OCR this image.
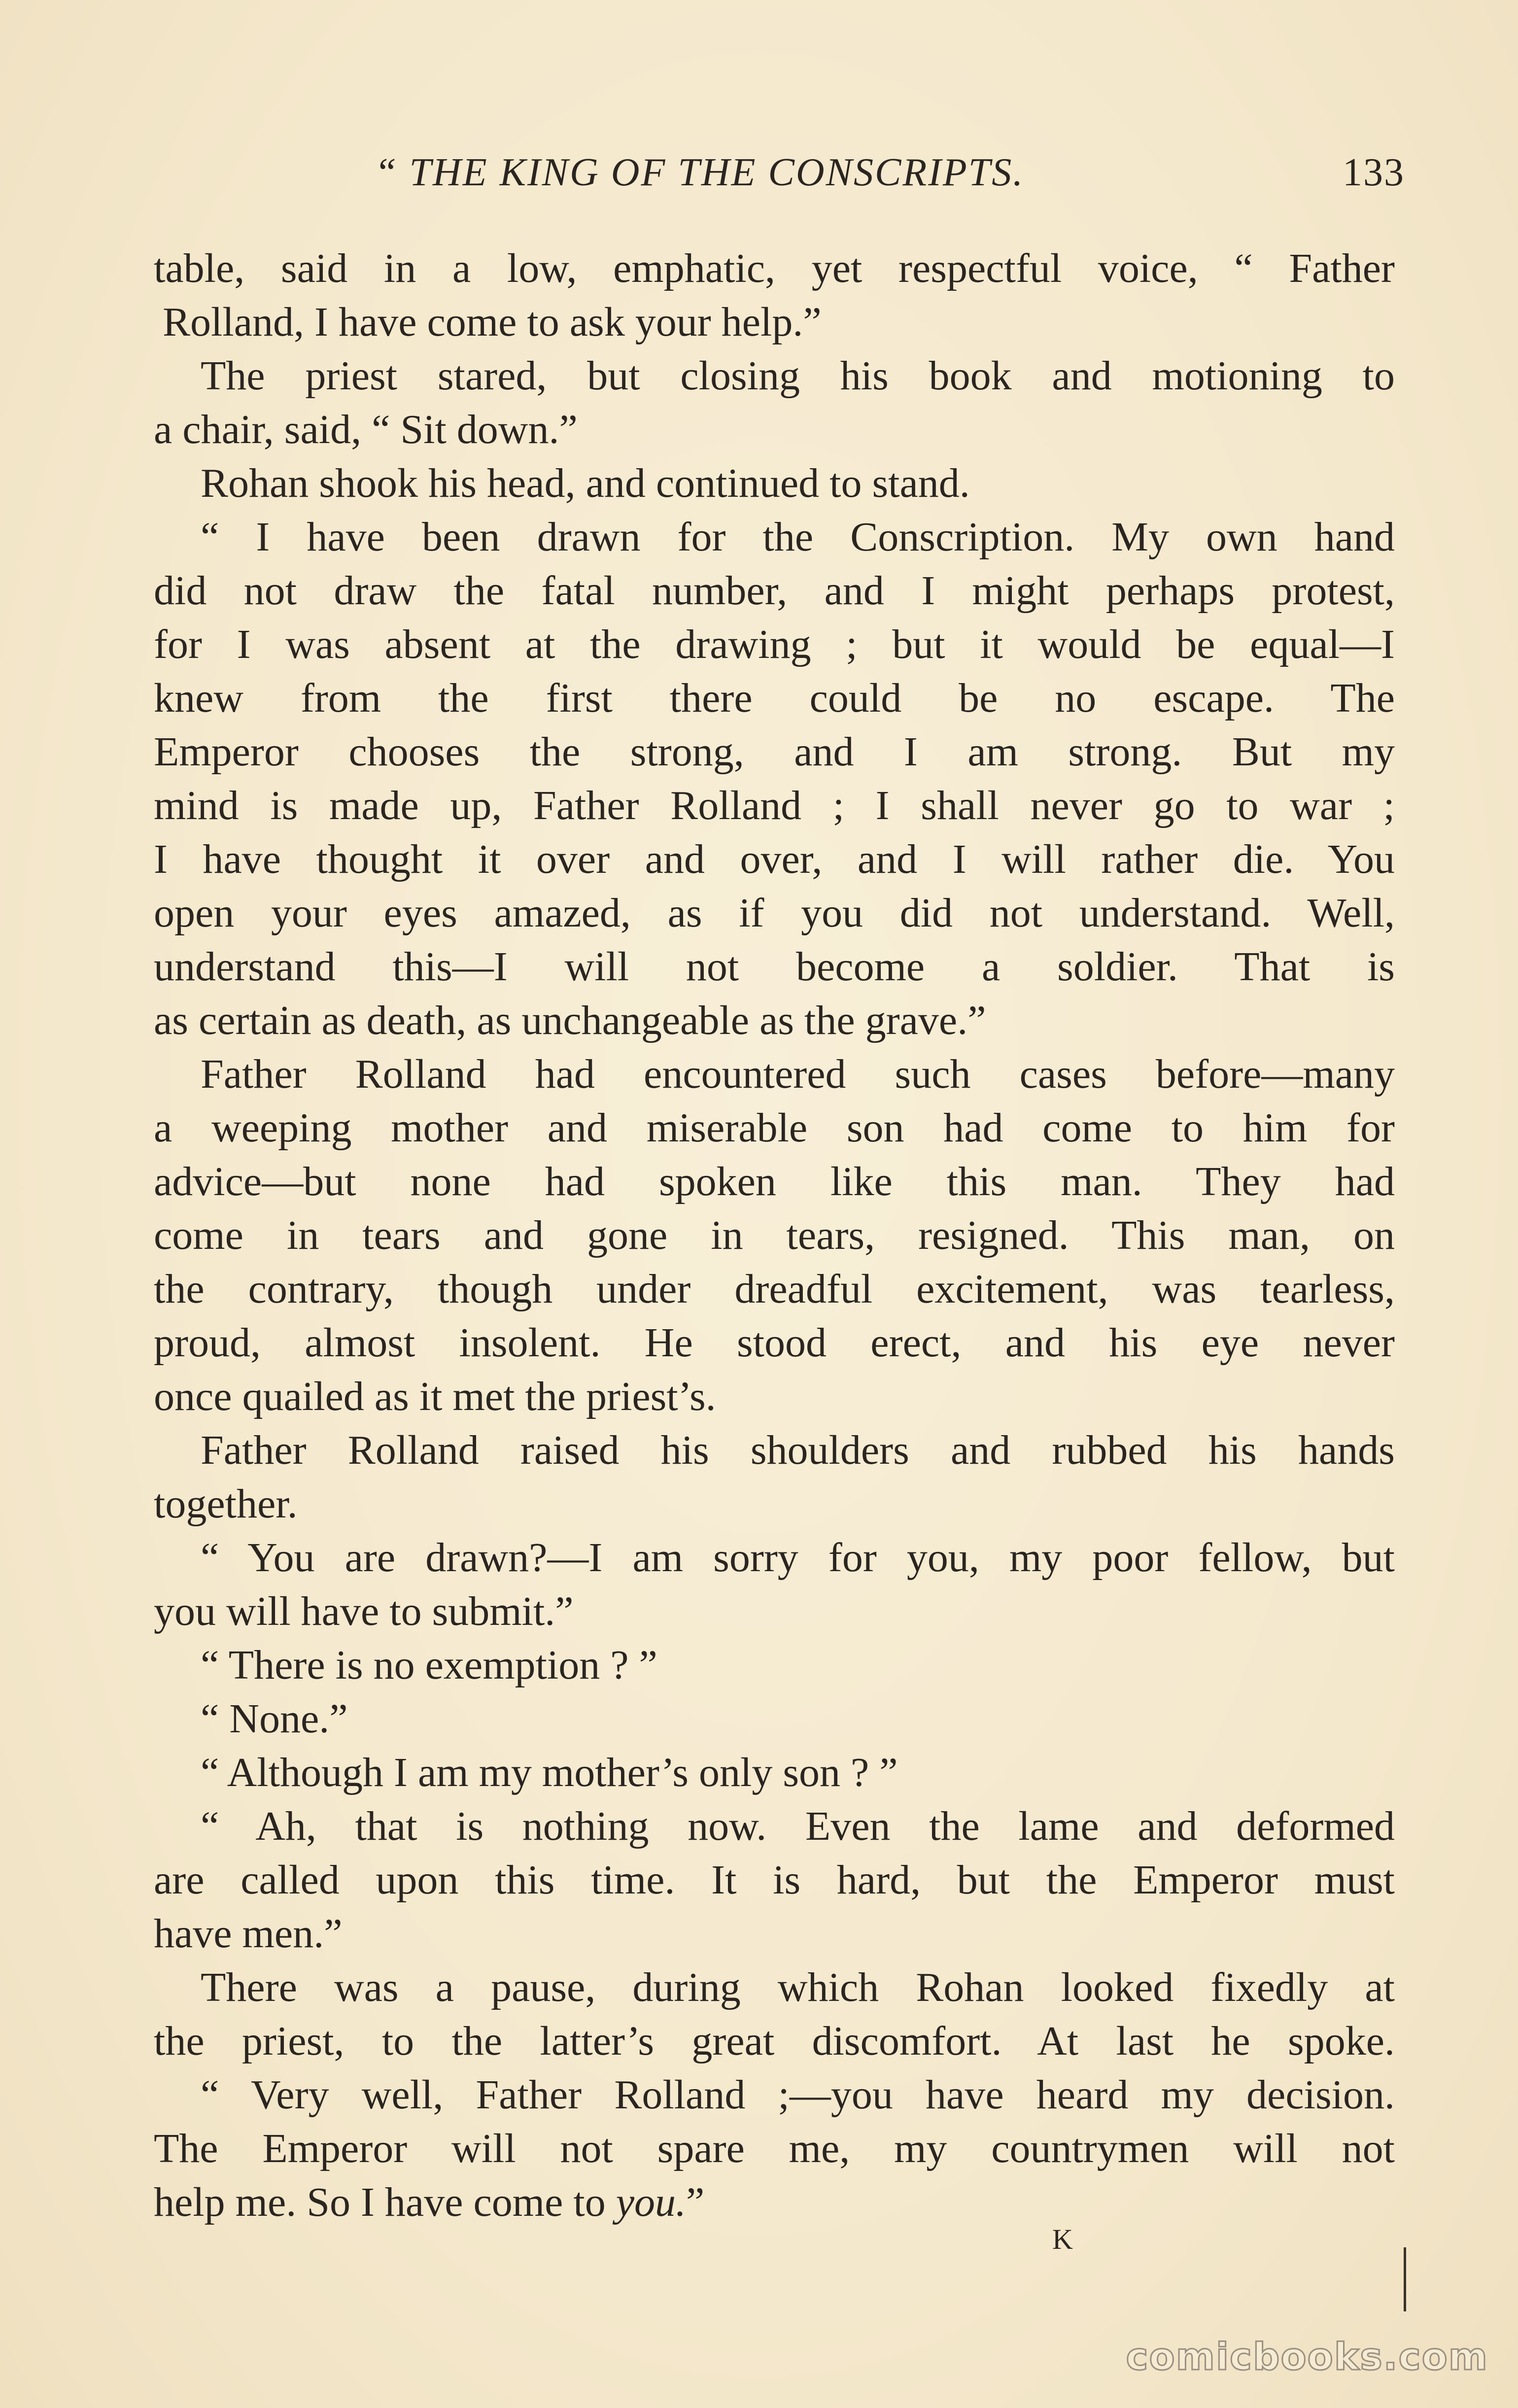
“ THE KING OF THE CONSCRIPTS.	133
table, said in a low, emphatic, yet respectful voice, “ Father
Rolland, I have come to ask your help.”
The priest stared, but closing his book and motioning to
a chair, said, “ Sit down.”
Rohan shook his head, and continued to stand.
“ I have been drawn for the Conscription. My own hand
did not draw the fatal number, and I might perhaps protest,
for I was absent at the drawing ; but it would be equal—I
knew from the first there could be no escape. The
Emperor chooses the strong, and I am strong. But my
mind is made up, Father Rolland ; I shall never go to war ;
I have thought it over and over, and I will rather die. You
open your eyes amazed, as if you did not understand. Well,
understand this—I will not become a soldier. That is
as certain as death, as unchangeable as the grave.”
Father Rolland had encountered such cases before—many
a weeping mother and miserable son had come to him for
advice—but none had spoken like this man. They had
come in tears and gone in tears, resigned. This man, on
the contrary, though under dreadful excitement, was tearless,
proud, almost insolent. He stood erect, and his eye never
once quailed as it met the priest’s.
Father Rolland raised his shoulders and rubbed his hands
together.
“ You are drawn?—I am sorry for you, my poor fellow, but
you will have to submit.”
“ There is no exemption ? ”
“ None.”
“ Although I am my mother’s only son ? ”
“ Ah, that is nothing now. Even the lame and deformed
are called upon this time. It is hard, but the Emperor must
have men.”
There was a pause, during which Rohan looked fixedly at
the priest, to the latter’s great discomfort. At last he spoke.
“ Very well, Father Rolland ;—you have heard my decision.
The Emperor will not spare me, my countrymen will not
help me. So I have come to you.”
K
comicbooks.com
